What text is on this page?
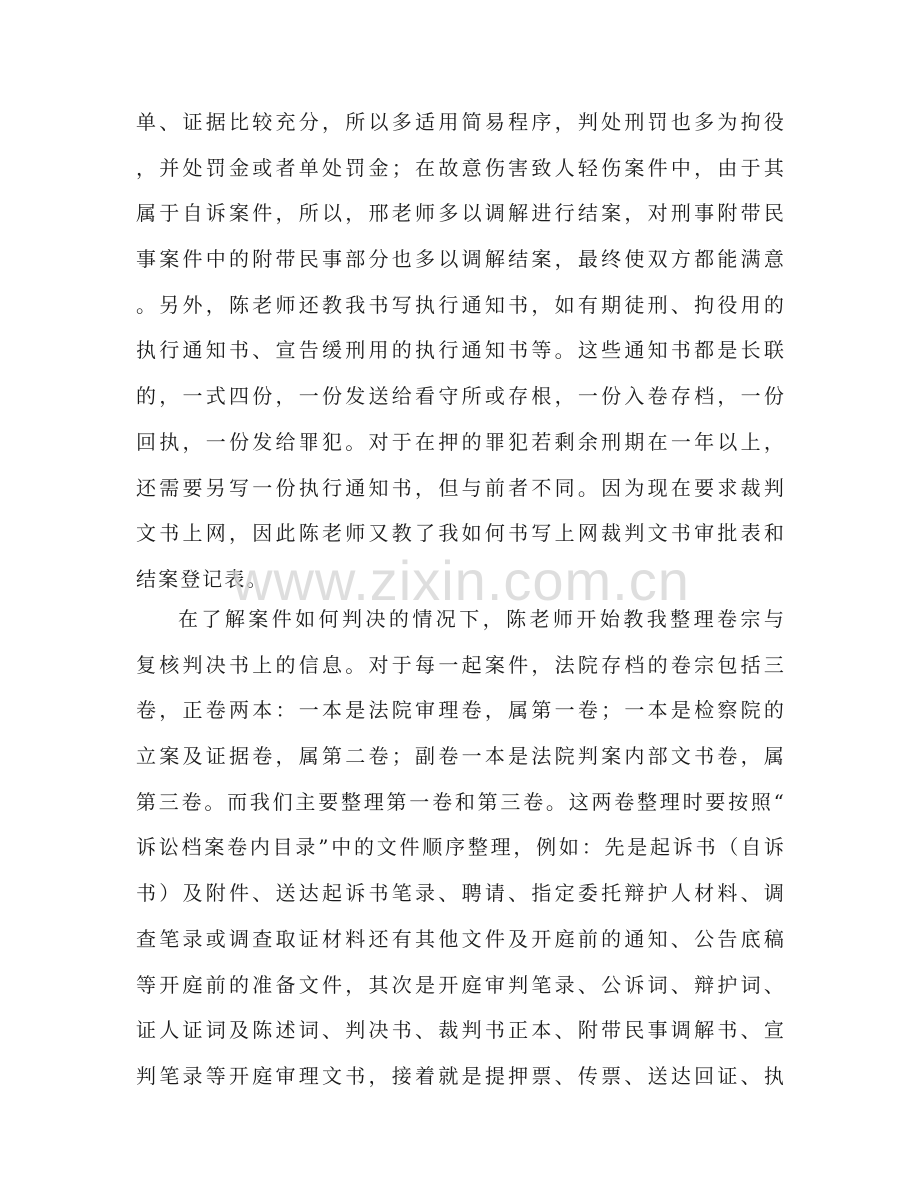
单、证据比较充分，所以多适用简易程序，判处刑罚也多为拘役
，并处罚金或者单处罚金；在故意伤害致人轻伤案件中，由于其
属于自诉案件，所以，邢老师多以调解进行结案，对刑事附带民
事案件中的附带民事部分也多以调解结案，最终使双方都能满意
。另外，陈老师还教我书写执行通知书，如有期徒刑、拘役用的
执行通知书、宣告缓刑用的执行通知书等。这些通知书都是长联
的，一式四份，一份发送给看守所或存根，一份入卷存档，一份
回执，一份发给罪犯。对于在押的罪犯若剩余刑期在一年以上，
还需要另写一份执行通知书，但与前者不同。因为现在要求裁判
文书上网，因此陈老师又教了我如何书写上网裁判文书审批表和
结案登记表。
www.zixin.com.cn
在了解案件如何判决的情况下，陈老师开始教我整理卷宗与
复核判决书上的信息。对于每一起案件，法院存档的卷宗包括三
卷，正卷两本：一本是法院审理卷，属第一卷；一本是检察院的
立案及证据卷，属第二卷；副卷一本是法院判案内部文书卷，属
第三卷。而我们主要整理第一卷和第三卷。这两卷整理时要按照“
诉讼档案卷内目录”中的文件顺序整理，例如：先是起诉书（自诉
书）及附件、送达起诉书笔录、聘请、指定委托辩护人材料、调
查笔录或调查取证材料还有其他文件及开庭前的通知、公告底稿
等开庭前的准备文件，其次是开庭审判笔录、公诉词、辩护词、
证人证词及陈述词、判决书、裁判书正本、附带民事调解书、宣
判笔录等开庭审理文书，接着就是提押票、传票、送达回证、执
